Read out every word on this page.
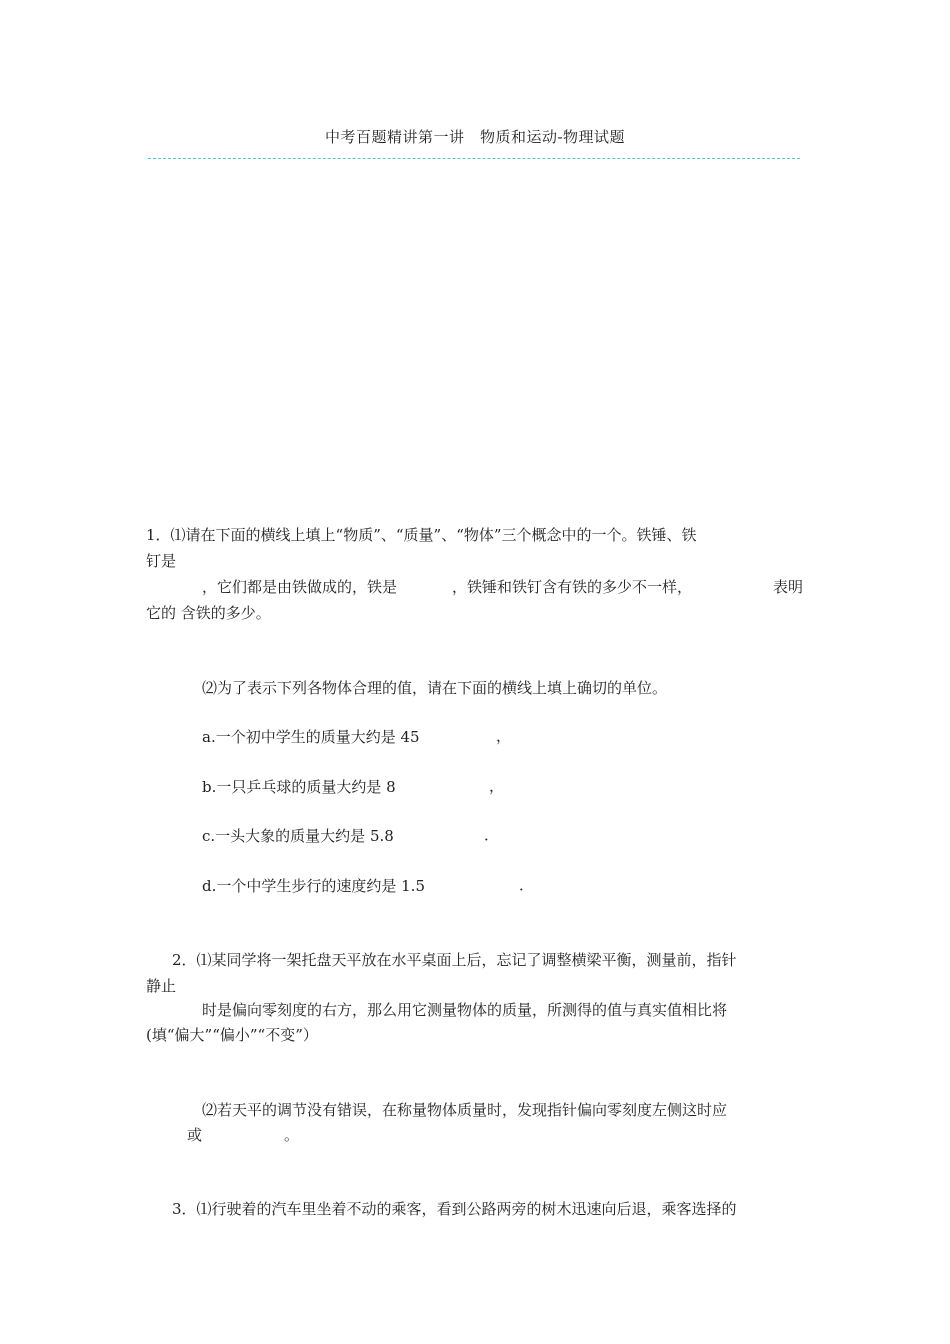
中考百题精讲第一讲　物质和运动-物理试题
1．⑴请在下面的横线上填上“物质”、“质量”、“物体”三个概念中的一个。铁锤、铁
钉是
，它们都是由铁做成的，铁是	，铁锤和铁钉含有铁的多少不一样，	表明
它的 含铁的多少。
⑵为了表示下列各物体合理的值，请在下面的横线上填上确切的单位。
a.一个初中学生的质量大约是 45	，
b.一只乒乓球的质量大约是 8	，
c.一头大象的质量大约是 5.8	．
d.一个中学生步行的速度约是 1.5	．
2．⑴某同学将一架托盘天平放在水平桌面上后，忘记了调整横梁平衡，测量前，指针
静止
时是偏向零刻度的右方，那么用它测量物体的质量，所测得的值与真实值相比将
(填“偏大”“偏小”“不变”）
⑵若天平的调节没有错误，在称量物体质量时，发现指针偏向零刻度左侧这时应
或	。
3．⑴行驶着的汽车里坐着不动的乘客，看到公路两旁的树木迅速向后退，乘客选择的
